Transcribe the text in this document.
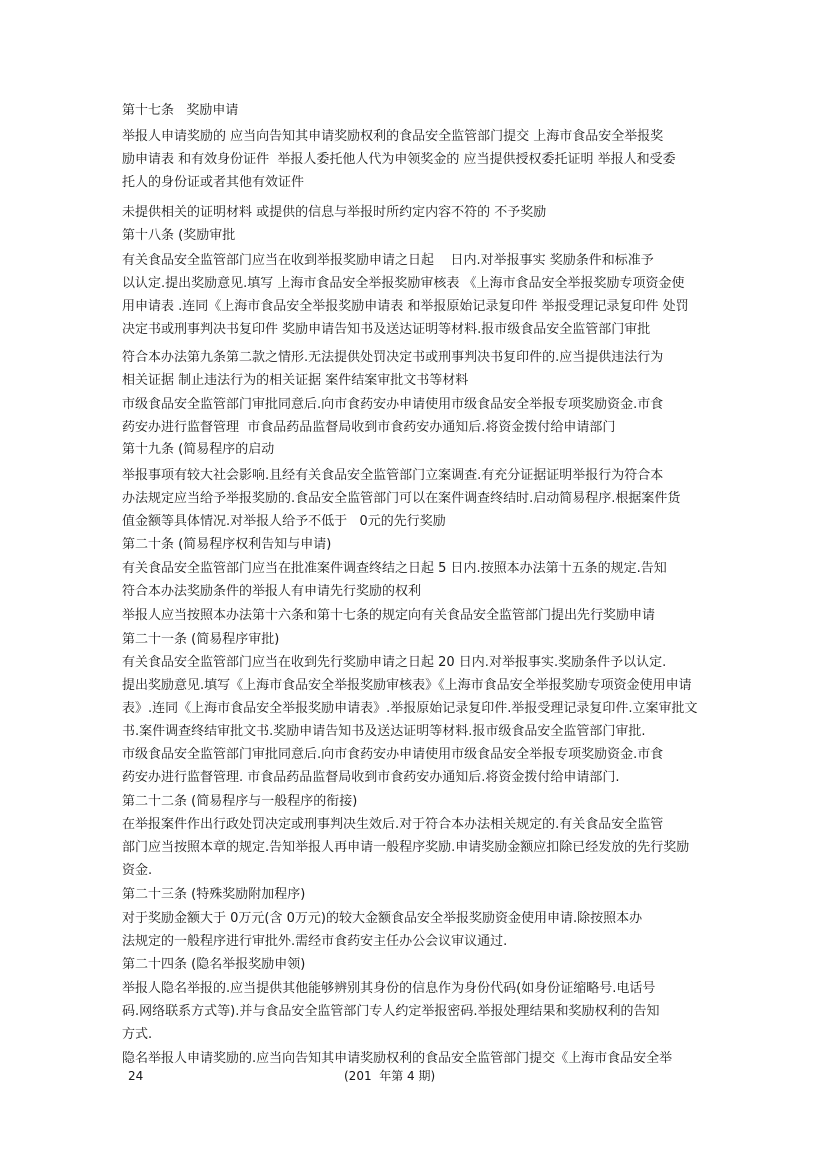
第十七条   奖励申请
举报人申请奖励的 应当向告知其申请奖励权利的食品安全监管部门提交 上海市食品安全举报奖
励申请表 和有效身份证件  举报人委托他人代为申领奖金的 应当提供授权委托证明 举报人和受委
托人的身份证或者其他有效证件
未提供相关的证明材料 或提供的信息与举报时所约定内容不符的 不予奖励
第十八条 (奖励审批
有关食品安全监管部门应当在收到举报奖励申请之日起    日内.对举报事实 奖励条件和标准予
以认定.提出奖励意见.填写 上海市食品安全举报奖励审核表 《上海市食品安全举报奖励专项资金使
用申请表 .连同《上海市食品安全举报奖励申请表 和举报原始记录复印件 举报受理记录复印件 处罚
决定书或刑事判决书复印件 奖励申请告知书及送达证明等材料.报市级食品安全监管部门审批
符合本办法第九条第二款之情形.无法提供处罚决定书或刑事判决书复印件的.应当提供违法行为
相关证据 制止违法行为的相关证据 案件结案审批文书等材料
市级食品安全监管部门审批同意后.向市食药安办申请使用市级食品安全举报专项奖励资金.市食
药安办进行监督管理  市食品药品监督局收到市食药安办通知后.将资金拨付给申请部门
第十九条 (简易程序的启动
举报事项有较大社会影响.且经有关食品安全监管部门立案调查.有充分证据证明举报行为符合本
办法规定应当给予举报奖励的.食品安全监管部门可以在案件调查终结时.启动简易程序.根据案件货
值金额等具体情况.对举报人给予不低于   0元的先行奖励
第二十条 (简易程序权利告知与申请)
有关食品安全监管部门应当在批准案件调查终结之日起 5 日内.按照本办法第十五条的规定.告知
符合本办法奖励条件的举报人有申请先行奖励的权利
举报人应当按照本办法第十六条和第十七条的规定向有关食品安全监管部门提出先行奖励申请
第二十一条 (简易程序审批)
有关食品安全监管部门应当在收到先行奖励申请之日起 20 日内.对举报事实.奖励条件予以认定.
提出奖励意见.填写《上海市食品安全举报奖励审核表》《上海市食品安全举报奖励专项资金使用申请
表》.连同《上海市食品安全举报奖励申请表》.举报原始记录复印件.举报受理记录复印件.立案审批文
书.案件调查终结审批文书.奖励申请告知书及送达证明等材料.报市级食品安全监管部门审批.
市级食品安全监管部门审批同意后.向市食药安办申请使用市级食品安全举报专项奖励资金.市食
药安办进行监督管理. 市食品药品监督局收到市食药安办通知后.将资金拨付给申请部门.
第二十二条 (简易程序与一般程序的衔接)
在举报案件作出行政处罚决定或刑事判决生效后.对于符合本办法相关规定的.有关食品安全监管
部门应当按照本章的规定.告知举报人再申请一般程序奖励.申请奖励金额应扣除已经发放的先行奖励
资金.
第二十三条 (特殊奖励附加程序)
对于奖励金额大于 0万元(含 0万元)的较大金额食品安全举报奖励资金使用申请.除按照本办
法规定的一般程序进行审批外.需经市食药安主任办公会议审议通过.
第二十四条 (隐名举报奖励申领)
举报人隐名举报的.应当提供其他能够辨别其身份的信息作为身份代码(如身份证缩略号.电话号
码.网络联系方式等).并与食品安全监管部门专人约定举报密码.举报处理结果和奖励权利的告知
方式.
隐名举报人申请奖励的.应当向告知其申请奖励权利的食品安全监管部门提交《上海市食品安全举
24	(201  年第 4 期)
